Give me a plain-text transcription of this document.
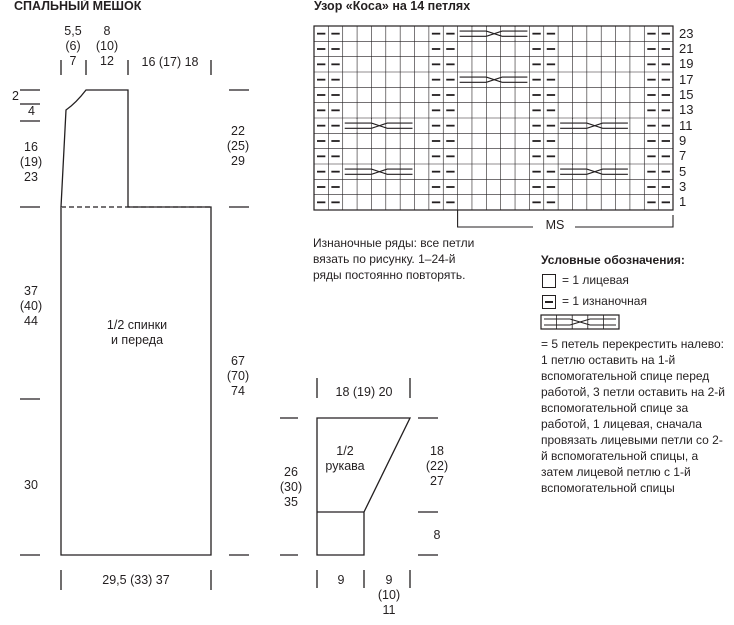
СПАЛЬНЫЙ МЕШОК
1/2 спинки
и переда
5,5
(6)
7
8
(10)
12	16 (17) 18
2
4
16
(19)
23
37
(40)
44
30
22
(25)
29
67
(70)
74
29,5 (33) 37
1/2
рукава
18 (19) 20
26
(30)
35
18
(22)
27
8
9	9
(10)
11
Узор «Коса» на 14 петлях
23
21
19
17
15
13
11
9
7
5
3
1
MS
Изнаночные ряды: все петли вязать по рисунку. 1–24-й ряды постоянно повторять.
Условные обозначения:
= 1 лицевая
= 1 изнаночная
= 5 петель перекрестить налево: 1 петлю оставить на 1-й вспомогательной спице перед работой, 3 петли оставить на 2-й вспомогательной спице за работой, 1 лицевая, сначала провязать лицевыми петли со 2-й вспомогательной спицы, а затем лицевой петлю с 1-й вспомогательной спицы
